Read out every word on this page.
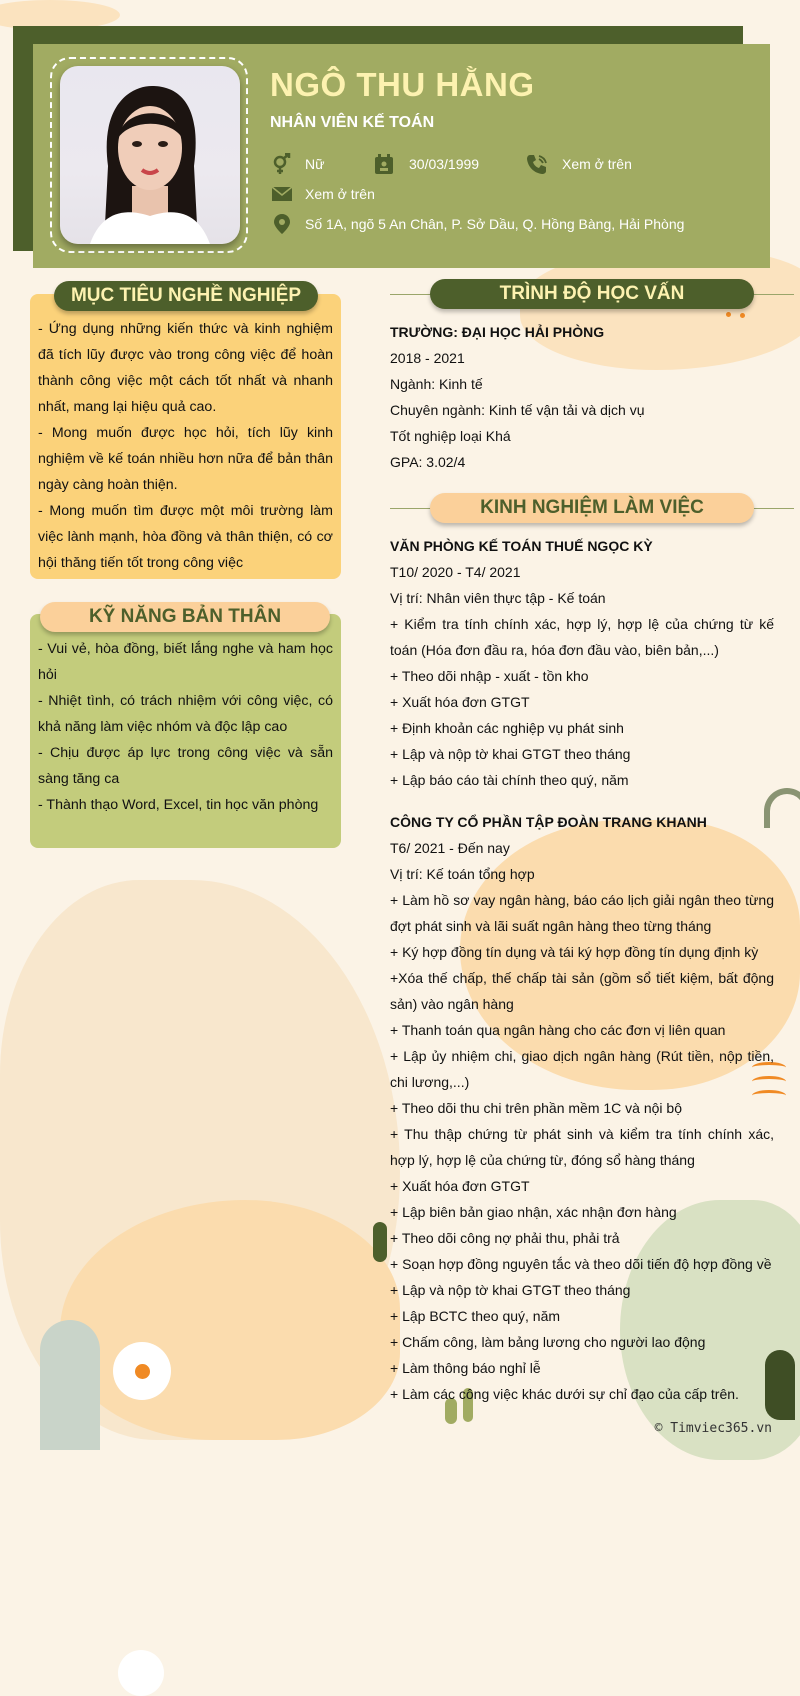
NGÔ THU HẰNG
NHÂN VIÊN KẾ TOÁN
Nữ	30/03/1999	Xem ở trên
Xem ở trên
Số 1A, ngõ 5 An Chân, P. Sở Dầu, Q. Hồng Bàng, Hải Phòng

- Ứng dụng những kiến thức và kinh nghiệm đã tích lũy được vào trong công việc để hoàn thành công việc một cách tốt nhất và nhanh nhất, mang lại hiệu quả cao.

- Mong muốn được học hỏi, tích lũy kinh nghiệm về kế toán nhiều hơn nữa để bản thân ngày càng hoàn thiện.

- Mong muốn tìm được một môi trường làm việc lành mạnh, hòa đồng và thân thiện, có cơ hội thăng tiến tốt trong công việc

MỤC TIÊU NGHỀ NGHIỆP

- Vui vẻ, hòa đồng, biết lắng nghe và ham học hỏi

- Nhiệt tình, có trách nhiệm với công việc, có khả năng làm việc nhóm và độc lập cao

- Chịu được áp lực trong công việc và sẵn sàng tăng ca

- Thành thạo Word, Excel, tin học văn phòng

KỸ NĂNG BẢN THÂN
TRÌNH ĐỘ HỌC VẤN
TRƯỜNG: ĐẠI HỌC HẢI PHÒNG
2018 - 2021
Ngành: Kinh tế
Chuyên ngành: Kinh tế vận tải và dịch vụ
Tốt nghiệp loại Khá
GPA: 3.02/4
KINH NGHIỆM LÀM VIỆC
VĂN PHÒNG KẾ TOÁN THUẾ NGỌC KỲ
T10/ 2020 - T4/ 2021
Vị trí: Nhân viên thực tập - Kế toán
+ Kiểm tra tính chính xác, hợp lý, hợp lệ của chứng từ kế toán (Hóa đơn đầu ra, hóa đơn đầu vào, biên bản,...)
+ Theo dõi nhập - xuất - tồn kho
+ Xuất hóa đơn GTGT
+ Định khoản các nghiệp vụ phát sinh
+ Lập và nộp tờ khai GTGT theo tháng
+ Lập báo cáo tài chính theo quý, năm
CÔNG TY CỔ PHẦN TẬP ĐOÀN TRANG KHANH
T6/ 2021 - Đến nay
Vị trí: Kế toán tổng hợp
+ Làm hồ sơ vay ngân hàng, báo cáo lịch giải ngân theo từng đợt phát sinh và lãi suất ngân hàng theo từng tháng
+ Ký hợp đồng tín dụng và tái ký hợp đồng tín dụng định kỳ
+Xóa thế chấp, thế chấp tài sản (gồm sổ tiết kiệm, bất động sản) vào ngân hàng
+ Thanh toán qua ngân hàng cho các đơn vị liên quan
+ Lập ủy nhiệm chi, giao dịch ngân hàng (Rút tiền, nộp tiền, chi lương,...)
+ Theo dõi thu chi trên phần mềm 1C và nội bộ
+ Thu thập chứng từ phát sinh và kiểm tra tính chính xác, hợp lý, hợp lệ của chứng từ, đóng sổ hàng tháng
+ Xuất hóa đơn GTGT
+ Lập biên bản giao nhận, xác nhận đơn hàng
+ Theo dõi công nợ phải thu, phải trả
+ Soạn hợp đồng nguyên tắc và theo dõi tiến độ hợp đồng về
+ Lập và nộp tờ khai GTGT theo tháng
+ Lập BCTC theo quý, năm
+ Chấm công, làm bảng lương cho người lao động
+ Làm thông báo nghỉ lễ
+ Làm các công việc khác dưới sự chỉ đạo của cấp trên.
© Timviec365.vn
